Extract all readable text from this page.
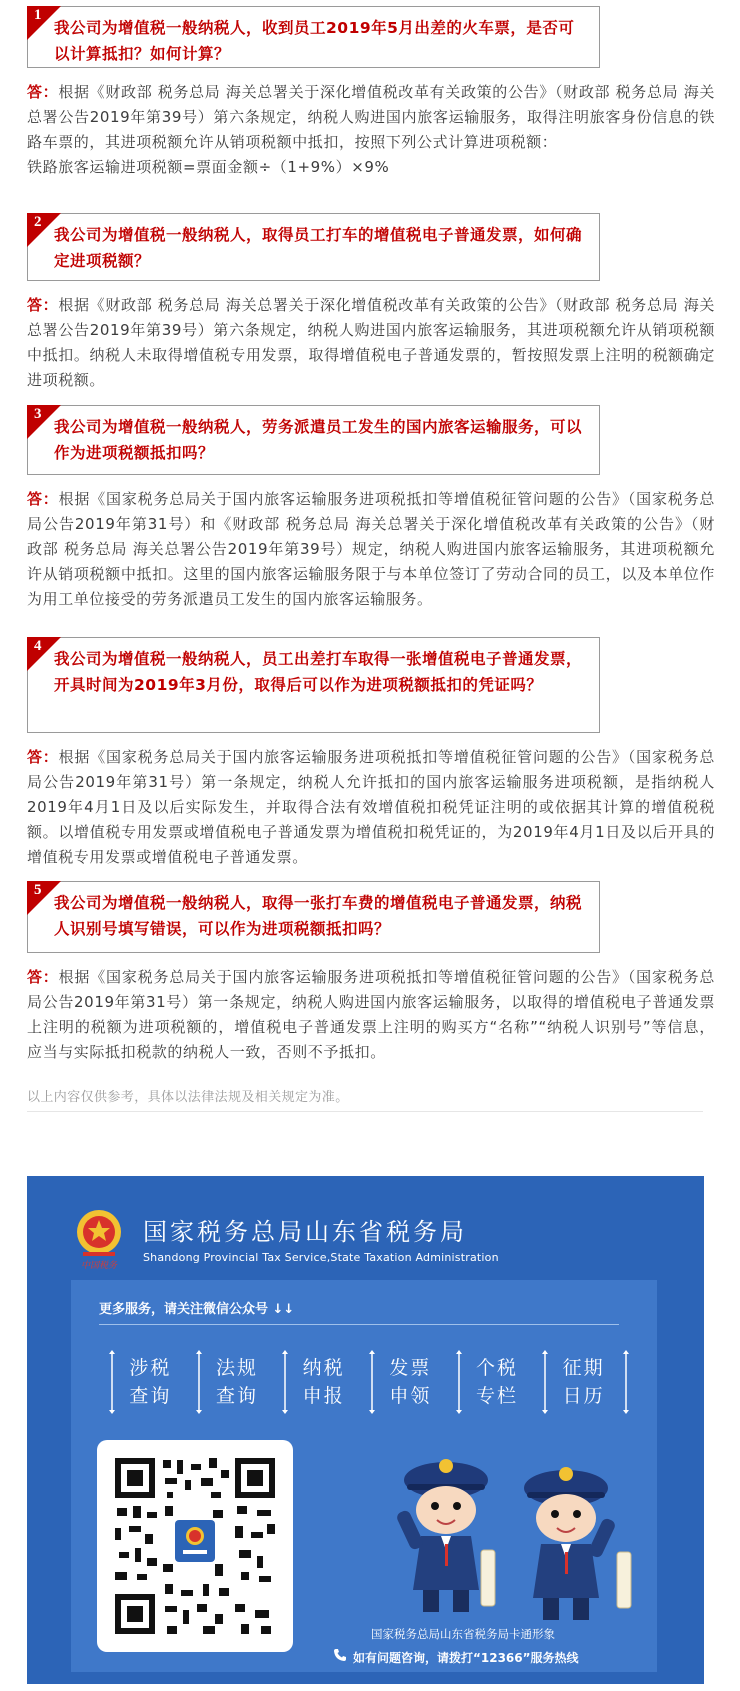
1
我公司为增值税一般纳税人，收到员工2019年5月出差的火车票，是否可以计算抵扣？如何计算？
答：根据《财政部 税务总局 海关总署关于深化增值税改革有关政策的公告》（财政部 税务总局 海关总署公告2019年第39号）第六条规定，纳税人购进国内旅客运输服务，取得注明旅客身份信息的铁路车票的，其进项税额允许从销项税额中抵扣，按照下列公式计算进项税额：
铁路旅客运输进项税额=票面金额÷（1+9%）×9%
2
我公司为增值税一般纳税人，取得员工打车的增值税电子普通发票，如何确定进项税额？
答：根据《财政部 税务总局 海关总署关于深化增值税改革有关政策的公告》（财政部 税务总局 海关总署公告2019年第39号）第六条规定，纳税人购进国内旅客运输服务，其进项税额允许从销项税额中抵扣。纳税人未取得增值税专用发票，取得增值税电子普通发票的，暂按照发票上注明的税额确定进项税额。
3
我公司为增值税一般纳税人，劳务派遣员工发生的国内旅客运输服务，可以作为进项税额抵扣吗？
答：根据《国家税务总局关于国内旅客运输服务进项税抵扣等增值税征管问题的公告》（国家税务总局公告2019年第31号）和《财政部 税务总局 海关总署关于深化增值税改革有关政策的公告》（财政部 税务总局 海关总署公告2019年第39号）规定，纳税人购进国内旅客运输服务，其进项税额允许从销项税额中抵扣。这里的国内旅客运输服务限于与本单位签订了劳动合同的员工，以及本单位作为用工单位接受的劳务派遣员工发生的国内旅客运输服务。
4
我公司为增值税一般纳税人，员工出差打车取得一张增值税电子普通发票，开具时间为2019年3月份，取得后可以作为进项税额抵扣的凭证吗？
答：根据《国家税务总局关于国内旅客运输服务进项税抵扣等增值税征管问题的公告》（国家税务总局公告2019年第31号）第一条规定，纳税人允许抵扣的国内旅客运输服务进项税额，是指纳税人2019年4月1日及以后实际发生，并取得合法有效增值税扣税凭证注明的或依据其计算的增值税税额。以增值税专用发票或增值税电子普通发票为增值税扣税凭证的，为2019年4月1日及以后开具的增值税专用发票或增值税电子普通发票。
5
我公司为增值税一般纳税人，取得一张打车费的增值税电子普通发票，纳税人识别号填写错误，可以作为进项税额抵扣吗？
答：根据《国家税务总局关于国内旅客运输服务进项税抵扣等增值税征管问题的公告》（国家税务总局公告2019年第31号）第一条规定，纳税人购进国内旅客运输服务，以取得的增值税电子普通发票上注明的税额为进项税额的，增值税电子普通发票上注明的购买方“名称”“纳税人识别号”等信息，应当与实际抵扣税款的纳税人一致，否则不予抵扣。
以上内容仅供参考，具体以法律法规及相关规定为准。
中国税务
国家税务总局山东省税务局
Shandong Provincial Tax Service,State Taxation Administration
更多服务，请关注微信公众号 ↓↓
涉税
查询
法规
查询
纳税
申报
发票
申领
个税
专栏
征期
日历
国家税务总局山东省税务局卡通形象
如有问题咨询，请拨打“12366”服务热线
